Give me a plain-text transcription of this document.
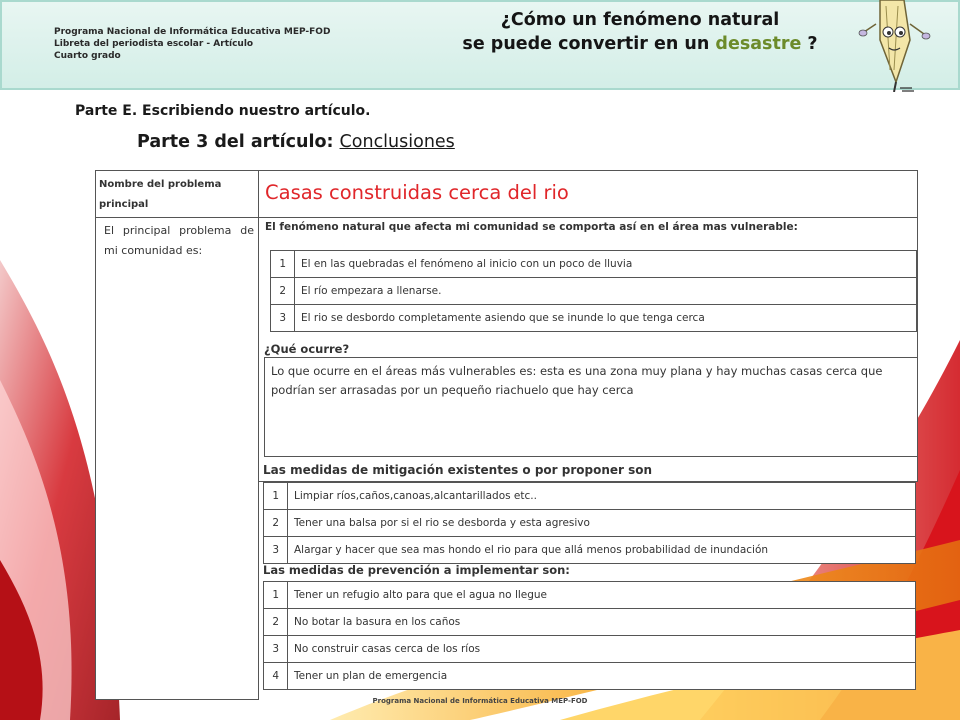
Programa Nacional de Informática Educativa MEP-FOD
Libreta del periodista escolar - Artículo
Cuarto grado
¿Cómo un fenómeno natural
se puede convertir en un desastre ?
Parte E. Escribiendo nuestro artículo.
Parte 3 del artículo: Conclusiones
Nombre del problema principal
Casas construidas cerca del rio
El principal problema de mi comunidad es:
El fenómeno natural que afecta mi comunidad se comporta así en el área mas vulnerable:
1	El en las quebradas el fenómeno al inicio con un poco de lluvia
2	El río empezara a llenarse.
3	El rio se desbordo completamente asiendo que se inunde lo que tenga cerca
¿Qué ocurre?
Lo que ocurre en el áreas más vulnerables es: esta es una zona muy plana y hay muchas casas cerca que podrían ser arrasadas por un pequeño riachuelo que hay cerca
Las medidas de mitigación existentes o por proponer son
1	Limpiar ríos,caños,canoas,alcantarillados etc..
2	Tener una balsa por si el rio se desborda y esta agresivo
3	Alargar y hacer que sea mas hondo el rio para que allá menos probabilidad de inundación
Las medidas de prevención a implementar son:
1	Tener un refugio alto para que el agua no llegue
2	No botar la basura en los caños
3	No construir casas cerca de los ríos
4	Tener un plan de emergencia
Programa Nacional de Informática Educativa MEP-FOD
